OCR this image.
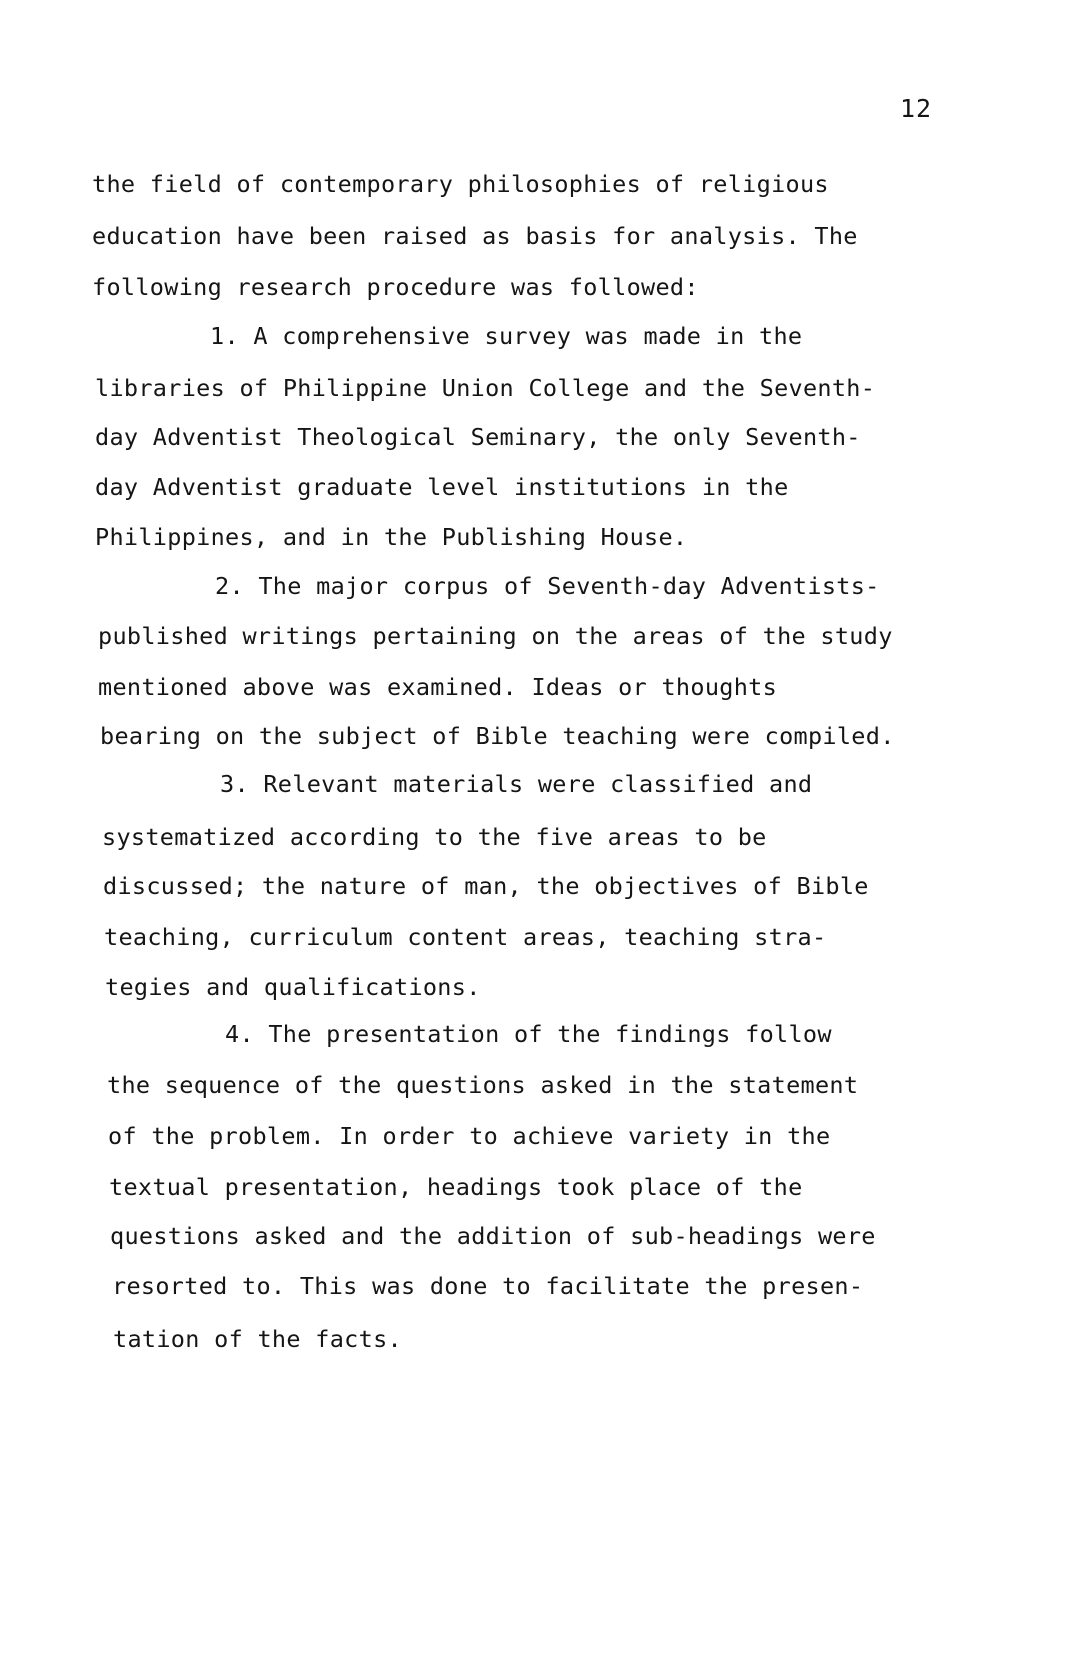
12
the field of contemporary philosophies of religious
education have been raised as basis for analysis. The
following research procedure was followed:
1. A comprehensive survey was made in the
libraries of Philippine Union College and the Seventh-
day Adventist Theological Seminary, the only Seventh-
day Adventist graduate level institutions in the
Philippines, and in the Publishing House.
2. The major corpus of Seventh-day Adventists-
published writings pertaining on the areas of the study
mentioned above was examined. Ideas or thoughts
bearing on the subject of Bible teaching were compiled.
3. Relevant materials were classified and
systematized according to the five areas to be
discussed; the nature of man, the objectives of Bible
teaching, curriculum content areas, teaching stra-
tegies and qualifications.
4. The presentation of the findings follow
the sequence of the questions asked in the statement
of the problem. In order to achieve variety in the
textual presentation, headings took place of the
questions asked and the addition of sub-headings were
resorted to. This was done to facilitate the presen-
tation of the facts.
